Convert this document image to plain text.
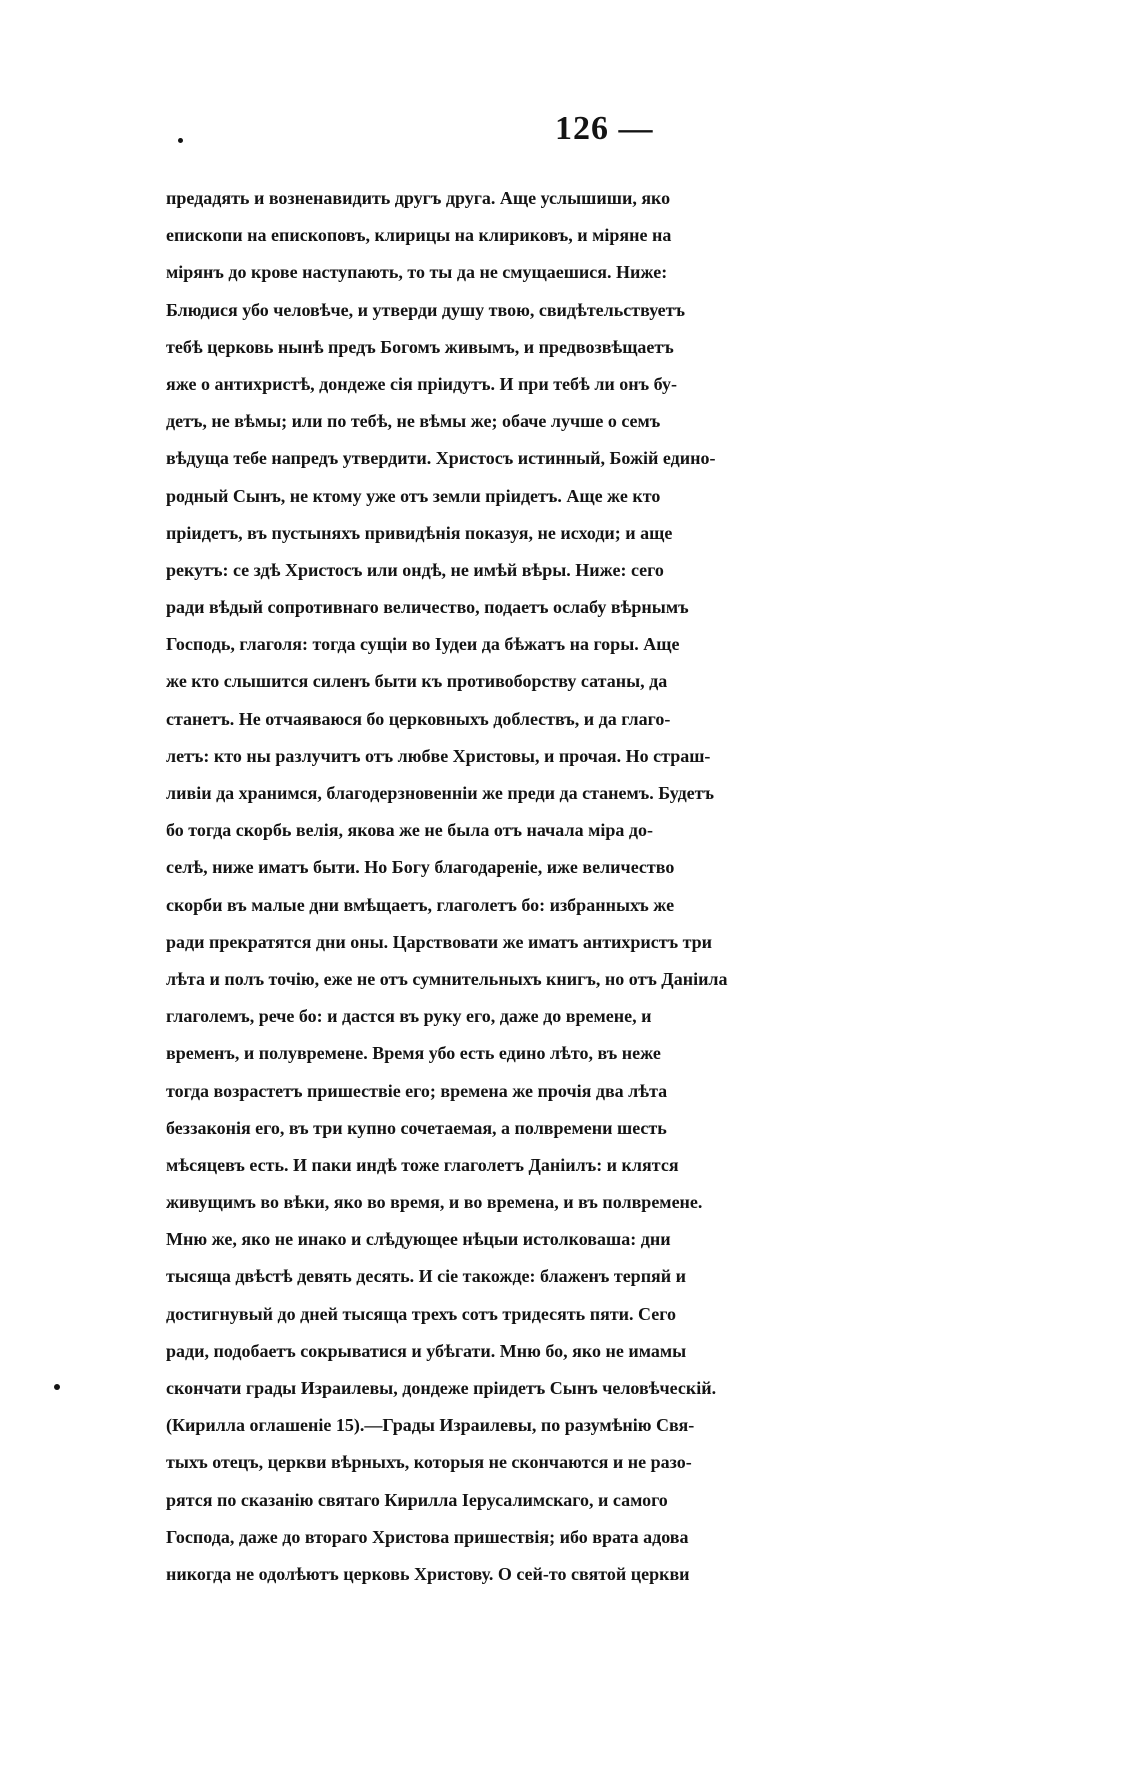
126 —
предадять и возненавидить другъ друга. Аще услышиши, яко
епископи на епископовъ, клирицы на клириковъ, и міряне на
мірянъ до крове наступають, то ты да не смущаешися. Ниже:
Блюдися убо человѣче, и утверди душу твою, свидѣтельствуетъ
тебѣ церковь нынѣ предъ Богомъ живымъ, и предвозвѣщаетъ
яже о антихристѣ, дондеже сія пріидутъ. И при тебѣ ли онъ бу-
детъ, не вѣмы; или по тебѣ, не вѣмы же; обаче лучше о семъ
вѣдуща тебе напредъ утвердити. Христосъ истинный, Божій едино-
родный Сынъ, не ктому уже отъ земли пріидетъ. Аще же кто
пріидетъ, въ пустыняхъ привидѣнія показуя, не исходи; и аще
рекутъ: се здѣ Христосъ или ондѣ, не имѣй вѣры. Ниже: сего
ради вѣдый сопротивнаго величество, подаетъ ослабу вѣрнымъ
Господь, глаголя: тогда сущіи во Іудеи да бѣжатъ на горы. Аще
же кто слышится силенъ быти къ противоборству сатаны, да
станетъ. Не отчаяваюся бо церковныхъ доблествъ, и да глаго-
летъ: кто ны разлучитъ отъ любве Христовы, и прочая. Но страш-
ливіи да хранимся, благодерзновенніи же преди да станемъ. Будетъ
бо тогда скорбь велія, якова же не была отъ начала міра до-
селѣ, ниже иматъ быти. Но Богу благодареніе, иже величество
скорби въ малые дни вмѣщаетъ, глаголетъ бо: избранныхъ же
ради прекратятся дни оны. Царствовати же иматъ антихристъ три
лѣта и полъ точію, еже не отъ сумнительныхъ книгъ, но отъ Даніила
глаголемъ, рече бо: и дастся въ руку его, даже до времене, и
временъ, и полувремене. Время убо есть едино лѣто, въ неже
тогда возрастетъ пришествіе его; времена же прочія два лѣта
беззаконія его, въ три купно сочетаемая, а полвремени шесть
мѣсяцевъ есть. И паки индѣ тоже глаголетъ Даніилъ: и клятся
живущимъ во вѣки, яко во время, и во времена, и въ полвремене.
Мню же, яко не инако и слѣдующее нѣцыи истолковаша: дни
тысяща двѣстѣ девять десять. И сіе такожде: блаженъ терпяй и
достигнувый до дней тысяща трехъ сотъ тридесять пяти. Сего
ради, подобаетъ сокрыватися и убѣгати. Мню бо, яко не имамы
скончати грады Израилевы, дондеже пріидетъ Сынъ человѣческій.
(Кирилла оглашеніе 15).—Грады Израилевы, по разумѣнію Свя-
тыхъ отецъ, церкви вѣрныхъ, которыя не скончаются и не разо-
рятся по сказанію святаго Кирилла Іерусалимскаго, и самого
Господа, даже до втораго Христова пришествія; ибо врата адова
никогда не одолѣютъ церковь Христову. О сей-то святой церкви
